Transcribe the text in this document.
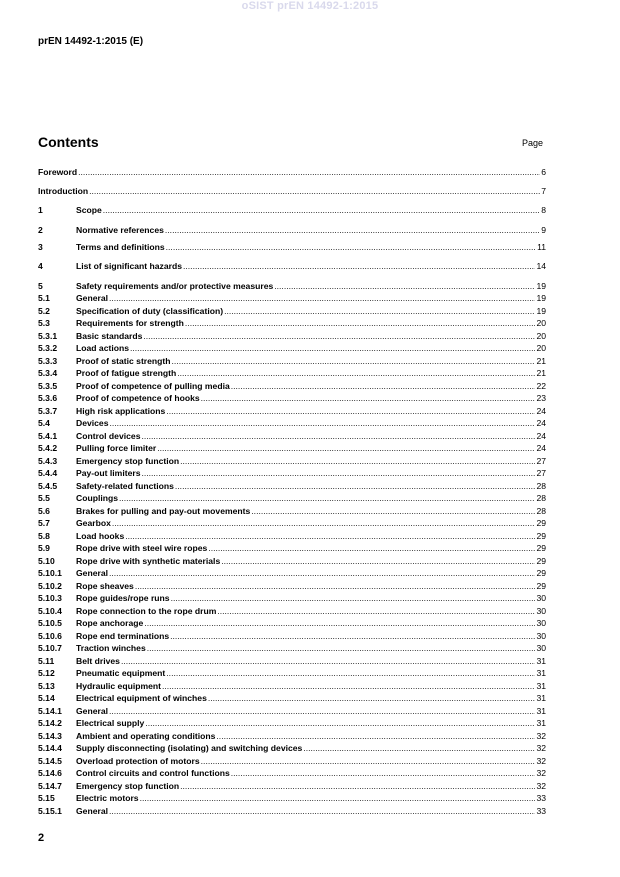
oSIST prEN 14492-1:2015
prEN 14492-1:2015 (E)
Contents	Page
Foreword .....	6
Introduction .....	7
1	Scope .....	8
2	Normative references .....	9
3	Terms and definitions .....	11
4	List of significant hazards .....	14
5	Safety requirements and/or protective measures .....	19
5.1	General .....	19
5.2	Specification of duty (classification) .....	19
5.3	Requirements for strength .....	20
5.3.1	Basic standards .....	20
5.3.2	Load actions .....	20
5.3.3	Proof of static strength .....	21
5.3.4	Proof of fatigue strength .....	21
5.3.5	Proof of competence of pulling media .....	22
5.3.6	Proof of competence of hooks .....	23
5.3.7	High risk applications .....	24
5.4	Devices .....	24
5.4.1	Control devices .....	24
5.4.2	Pulling force limiter .....	24
5.4.3	Emergency stop function .....	27
5.4.4	Pay-out limiters .....	27
5.4.5	Safety-related functions .....	28
5.5	Couplings .....	28
5.6	Brakes for pulling and pay-out movements .....	28
5.7	Gearbox .....	29
5.8	Load hooks .....	29
5.9	Rope drive with steel wire ropes .....	29
5.10	Rope drive with synthetic materials .....	29
5.10.1	General .....	29
5.10.2	Rope sheaves .....	29
5.10.3	Rope guides/rope runs .....	30
5.10.4	Rope connection to the rope drum .....	30
5.10.5	Rope anchorage .....	30
5.10.6	Rope end terminations .....	30
5.10.7	Traction winches .....	30
5.11	Belt drives .....	31
5.12	Pneumatic equipment .....	31
5.13	Hydraulic equipment .....	31
5.14	Electrical equipment of winches .....	31
5.14.1	General .....	31
5.14.2	Electrical supply .....	31
5.14.3	Ambient and operating conditions .....	32
5.14.4	Supply disconnecting (isolating) and switching devices .....	32
5.14.5	Overload protection of motors .....	32
5.14.6	Control circuits and control functions .....	32
5.14.7	Emergency stop function .....	32
5.15	Electric motors .....	33
5.15.1	General .....	33
2
